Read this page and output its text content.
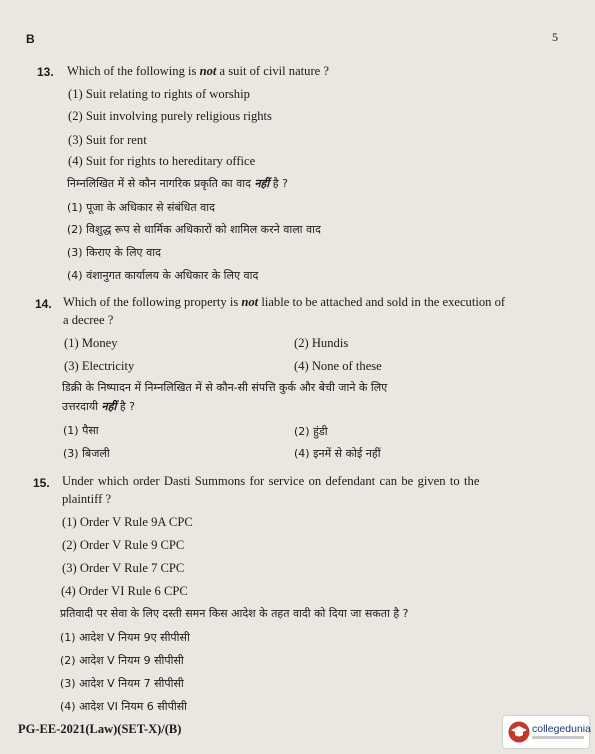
B	5
13. Which of the following is not a suit of civil nature ?
(1) Suit relating to rights of worship
(2) Suit involving purely religious rights
(3) Suit for rent
(4) Suit for rights to hereditary office
निम्नलिखित में से कौन नागरिक प्रकृति का वाद नहीं है ?
(1) पूजा के अधिकार से संबंधित वाद
(2) विशुद्ध रूप से धार्मिक अधिकारों को शामिल करने वाला वाद
(3) किराए के लिए वाद
(4) वंशानुगत कार्यालय के अधिकार के लिए वाद
14. Which of the following property is not liable to be attached and sold in the execution of
a decree ?
(1) Money	(2) Hundis
(3) Electricity	(4) None of these
डिक्री के निष्पादन में निम्नलिखित में से कौन-सी संपत्ति कुर्क और बेची जाने के लिए
उत्तरदायी नहीं है ?
(1) पैसा	(2) हुंडी
(3) बिजली	(4) इनमें से कोई नहीं
15. Under which order Dasti Summons for service on defendant can be given to the
plaintiff ?
(1) Order V Rule 9A CPC
(2) Order V Rule 9 CPC
(3) Order V Rule 7 CPC
(4) Order VI Rule 6 CPC
प्रतिवादी पर सेवा के लिए दस्ती समन किस आदेश के तहत वादी को दिया जा सकता है ?
(1) आदेश V नियम 9ए सीपीसी
(2) आदेश V नियम 9 सीपीसी
(3) आदेश V नियम 7 सीपीसी
(4) आदेश VI नियम 6 सीपीसी
PG-EE-2021(Law)(SET-X)/(B)	collegedunia
